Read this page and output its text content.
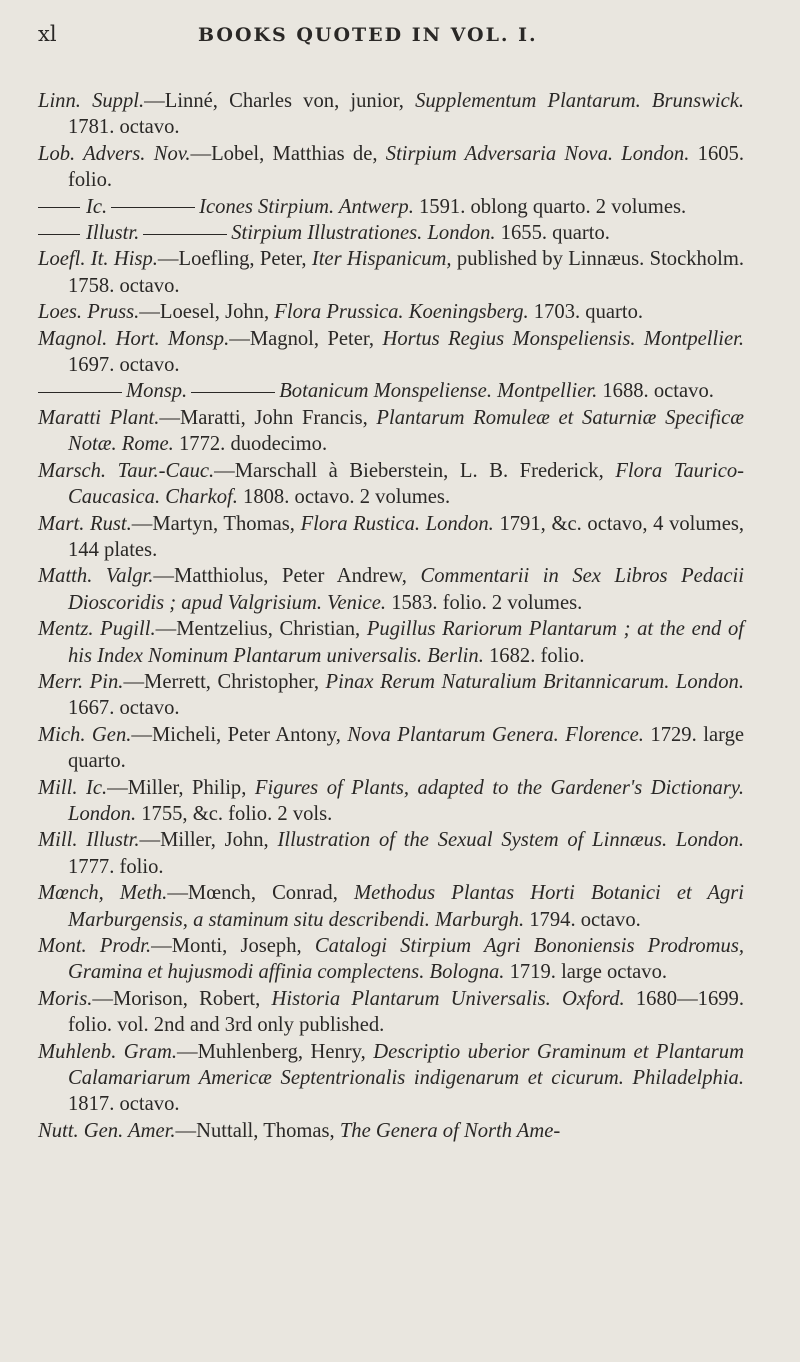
xl	BOOKS QUOTED IN VOL. I.

Linn. Suppl.—Linné, Charles von, junior, Supplementum Plantarum. Brunswick. 1781. octavo.

Lob. Advers. Nov.—Lobel, Matthias de, Stirpium Adversaria Nova. London. 1605. folio.

Ic.	Icones Stirpium. Antwerp. 1591. oblong quarto. 2 volumes.

Illustr.	Stirpium Illustrationes. London. 1655. quarto.

Loefl. It. Hisp.—Loefling, Peter, Iter Hispanicum, published by Linnæus. Stockholm. 1758. octavo.

Loes. Pruss.—Loesel, John, Flora Prussica. Koeningsberg. 1703. quarto.

Magnol. Hort. Monsp.—Magnol, Peter, Hortus Regius Monspeliensis. Montpellier. 1697. octavo.

Monsp.	Botanicum Monspeliense. Montpellier. 1688. octavo.

Maratti Plant.—Maratti, John Francis, Plantarum Romuleæ et Saturniæ Specificæ Notæ. Rome. 1772. duodecimo.

Marsch. Taur.-Cauc.—Marschall à Bieberstein, L. B. Frederick, Flora Taurico-Caucasica. Charkof. 1808. octavo. 2 volumes.

Mart. Rust.—Martyn, Thomas, Flora Rustica. London. 1791, &c. octavo, 4 volumes, 144 plates.

Matth. Valgr.—Matthiolus, Peter Andrew, Commentarii in Sex Libros Pedacii Dioscoridis ; apud Valgrisium. Venice. 1583. folio. 2 volumes.

Mentz. Pugill.—Mentzelius, Christian, Pugillus Rariorum Plantarum ; at the end of his Index Nominum Plantarum universalis. Berlin. 1682. folio.

Merr. Pin.—Merrett, Christopher, Pinax Rerum Naturalium Britannicarum. London. 1667. octavo.

Mich. Gen.—Micheli, Peter Antony, Nova Plantarum Genera. Florence. 1729. large quarto.

Mill. Ic.—Miller, Philip, Figures of Plants, adapted to the Gardener's Dictionary. London. 1755, &c. folio. 2 vols.

Mill. Illustr.—Miller, John, Illustration of the Sexual System of Linnæus. London. 1777. folio.

Mœnch, Meth.—Mœnch, Conrad, Methodus Plantas Horti Botanici et Agri Marburgensis, a staminum situ describendi. Marburgh. 1794. octavo.

Mont. Prodr.—Monti, Joseph, Catalogi Stirpium Agri Bononiensis Prodromus, Gramina et hujusmodi affinia complectens. Bologna. 1719. large octavo.

Moris.—Morison, Robert, Historia Plantarum Universalis. Oxford. 1680—1699. folio. vol. 2nd and 3rd only published.

Muhlenb. Gram.—Muhlenberg, Henry, Descriptio uberior Graminum et Plantarum Calamariarum Americæ Septentrionalis indigenarum et cicurum. Philadelphia. 1817. octavo.

Nutt. Gen. Amer.—Nuttall, Thomas, The Genera of North Ame-
